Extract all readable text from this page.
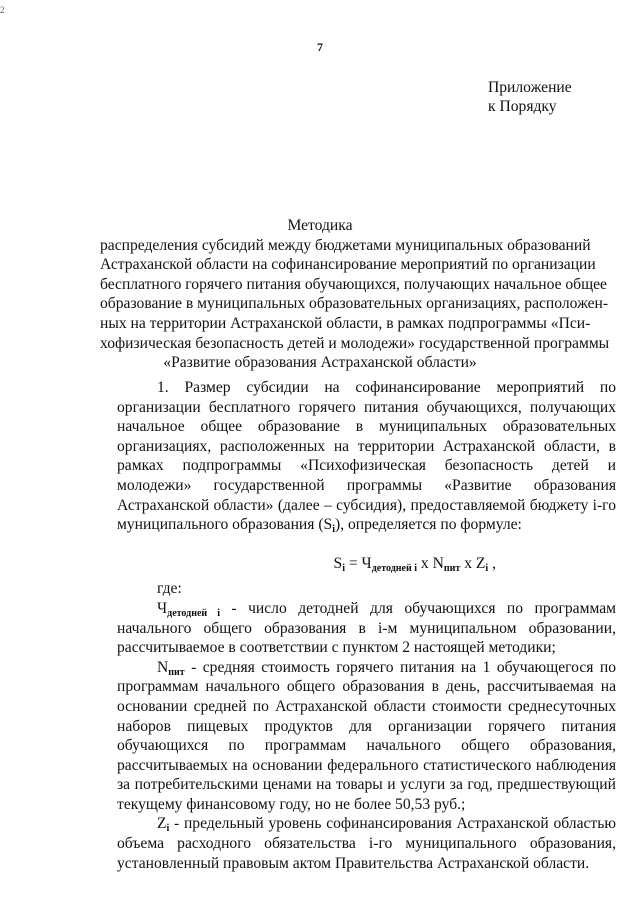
2
7
Приложение
к Порядку
Методика
распределения субсидий между бюджетами муниципальных образований
Астраханской области на софинансирование мероприятий по организации
бесплатного горячего питания обучающихся, получающих начальное общее
образование в муниципальных образовательных организациях, расположен-
ных на территории Астраханской области, в рамках подпрограммы «Пси-
хофизическая безопасность детей и молодежи» государственной программы
«Развитие образования Астраханской области»

1. Размер субсидии на софинансирование мероприятий по организации бесплатного горячего питания обучающихся, получающих начальное общее образование в муниципальных образовательных организациях, расположенных на территории Астраханской области, в рамках подпрограммы «Психофизическая безопасность детей и молодежи» государственной программы «Развитие образования Астраханской области» (далее – субсидия), предоставляемой бюджету i-го муниципального образования $(S_i)$, определяется по формуле:

$S_i = Ч_{детодней i}$ x $N_{пит}$ x $Z_i$ ,

где:

$Ч_{детодней i}$ - число детодней для обучающихся по программам начального общего образования в i-м муниципальном образовании, рассчитываемое в соответствии с пунктом 2 настоящей методики;

$N_{пит}$ - средняя стоимость горячего питания на 1 обучающегося по программам начального общего образования в день, рассчитываемая на основании средней по Астраханской области стоимости среднесуточных наборов пищевых продуктов для организации горячего питания обучающихся по программам начального общего образования, рассчитываемых на основании федерального статистического наблюдения за потребительскими ценами на товары и услуги за год, предшествующий текущему финансовому году, но не более 50,53 руб.;

$Z_i$ - предельный уровень софинансирования Астраханской областью объема расходного обязательства i-го муниципального образования, установленный правовым актом Правительства Астраханской области.
